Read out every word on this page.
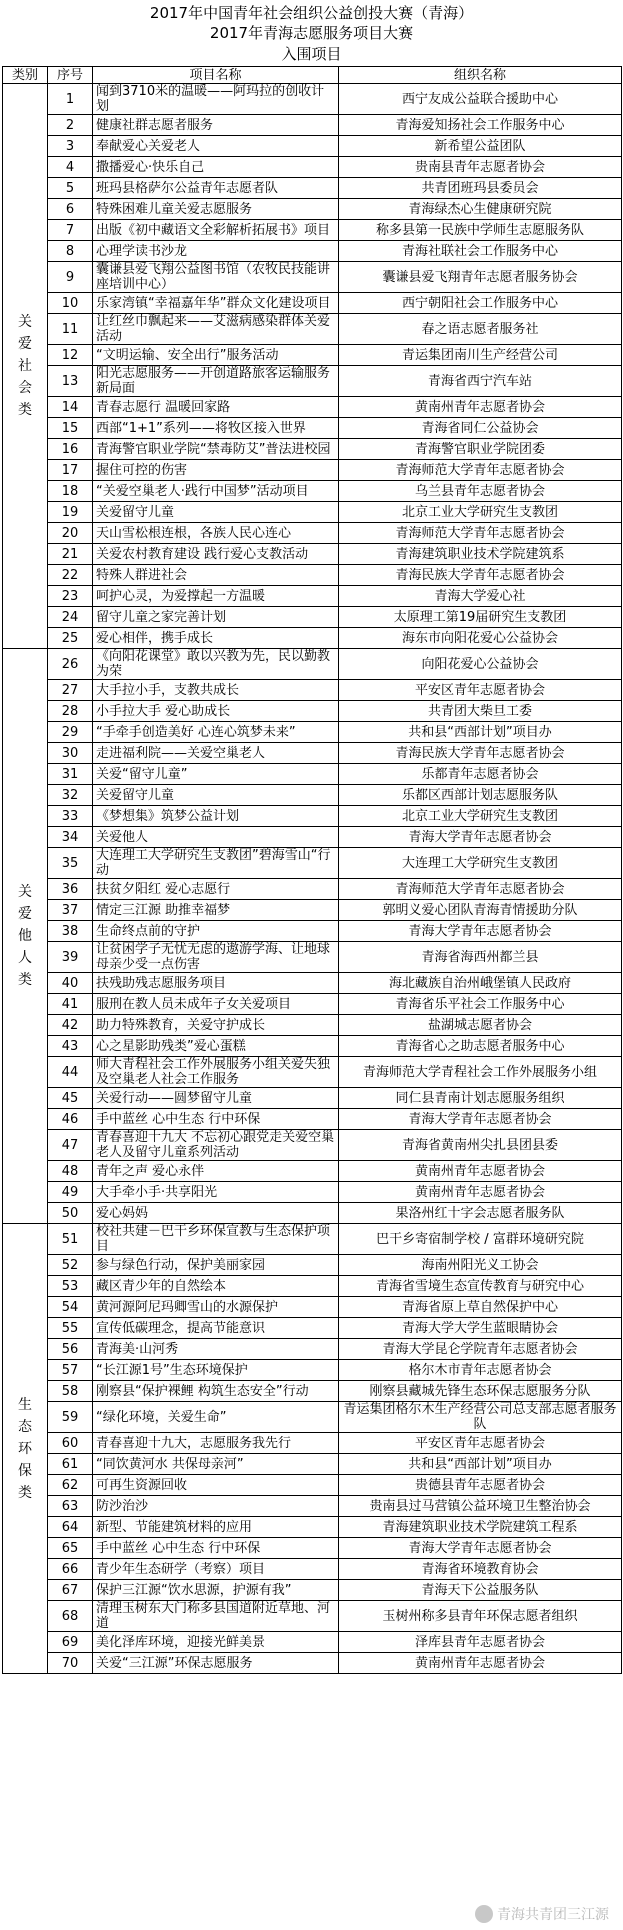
2017年中国青年社会组织公益创投大赛（青海）
2017年青海志愿服务项目大赛
入围项目
类别	序号	项目名称	组织名称
关爱社会类	1	闻到3710米的温暖——阿玛拉的创收计划	西宁友成公益联合援助中心
	2	健康社群志愿者服务	青海爱知扬社会工作服务中心
	3	奉献爱心关爱老人	新希望公益团队
	4	撒播爱心·快乐自己	贵南县青年志愿者协会
	5	班玛县格萨尔公益青年志愿者队	共青团班玛县委员会
	6	特殊困难儿童关爱志愿服务	青海绿杰心生健康研究院
	7	出版《初中藏语文全彩解析拓展书》项目	称多县第一民族中学师生志愿服务队
	8	心理学读书沙龙	青海社联社会工作服务中心
	9	囊谦县爱飞翔公益图书馆（农牧民技能讲座培训中心）	囊谦县爱飞翔青年志愿者服务协会
	10	乐家湾镇“幸福嘉年华”群众文化建设项目	西宁朝阳社会工作服务中心
	11	让红丝巾飘起来——艾滋病感染群体关爱活动	春之语志愿者服务社
	12	“文明运输、安全出行”服务活动	青运集团南川生产经营公司
	13	阳光志愿服务——开创道路旅客运输服务新局面	青海省西宁汽车站
	14	青春志愿行 温暖回家路	黄南州青年志愿者协会
	15	西部“1+1”系列——将牧区接入世界	青海省同仁公益协会
	16	青海警官职业学院“禁毒防艾”普法进校园	青海警官职业学院团委
	17	握住可控的伤害	青海师范大学青年志愿者协会
	18	“关爱空巢老人·践行中国梦”活动项目	乌兰县青年志愿者协会
	19	关爱留守儿童	北京工业大学研究生支教团
	20	天山雪松根连根，各族人民心连心	青海师范大学青年志愿者协会
	21	关爱农村教育建设 践行爱心支教活动	青海建筑职业技术学院建筑系
	22	特殊人群进社会	青海民族大学青年志愿者协会
	23	呵护心灵，为爱撑起一方温暖	青海大学爱心社
	24	留守儿童之家完善计划	太原理工第19届研究生支教团
	25	爱心相伴，携手成长	海东市向阳花爱心公益协会
关爱他人类	26	《向阳花课堂》敢以兴教为先，民以勤教为荣	向阳花爱心公益协会
	27	大手拉小手，支教共成长	平安区青年志愿者协会
	28	小手拉大手 爱心助成长	共青团大柴旦工委
	29	“手牵手创造美好 心连心筑梦未来”	共和县“西部计划”项目办
	30	走进福利院——关爱空巢老人	青海民族大学青年志愿者协会
	31	关爱“留守儿童”	乐都青年志愿者协会
	32	关爱留守儿童	乐都区西部计划志愿服务队
	33	《梦想集》筑梦公益计划	北京工业大学研究生支教团
	34	关爱他人	青海大学青年志愿者协会
	35	大连理工大学研究生支教团”碧海雪山“行动	大连理工大学研究生支教团
	36	扶贫夕阳红 爱心志愿行	青海师范大学青年志愿者协会
	37	情定三江源 助推幸福梦	郭明义爱心团队青海青情援助分队
	38	生命终点前的守护	青海大学青年志愿者协会
	39	让贫困学子无忧无虑的遨游学海、让地球母亲少受一点伤害	青海省海西州都兰县
	40	扶残助残志愿服务项目	海北藏族自治州峨堡镇人民政府
	41	服刑在教人员未成年子女关爱项目	青海省乐平社会工作服务中心
	42	助力特殊教育，关爱守护成长	盐湖城志愿者协会
	43	心之星影助残类”爱心蛋糕	青海省心之助志愿者服务中心
	44	师大青程社会工作外展服务小组关爱失独及空巢老人社会工作服务	青海师范大学青程社会工作外展服务小组
	45	关爱行动——圆梦留守儿童	同仁县青南计划志愿服务组织
	46	手中蓝丝 心中生态 行中环保	青海大学青年志愿者协会
	47	青春喜迎十九大 不忘初心跟党走关爱空巢老人及留守儿童系列活动	青海省黄南州尖扎县团县委
	48	青年之声 爱心永伴	黄南州青年志愿者协会
	49	大手牵小手·共享阳光	黄南州青年志愿者协会
	50	爱心妈妈	果洛州红十字会志愿者服务队
生态环保类	51	校社共建－巴干乡环保宣教与生态保护项目	巴干乡寄宿制学校 / 富群环境研究院
	52	参与绿色行动，保护美丽家园	海南州阳光义工协会
	53	藏区青少年的自然绘本	青海省雪境生态宣传教育与研究中心
	54	黄河源阿尼玛卿雪山的水源保护	青海省原上草自然保护中心
	55	宣传低碳理念，提高节能意识	青海大学大学生蓝眼睛协会
	56	青海美·山河秀	青海大学昆仑学院青年志愿者协会
	57	“长江源1号”生态环境保护	格尔木市青年志愿者协会
	58	刚察县“保护裸鲤 构筑生态安全”行动	刚察县藏城先锋生态环保志愿服务分队
	59	“绿化环境，关爱生命”	青运集团格尔木生产经营公司总支部志愿者服务队
	60	青春喜迎十九大，志愿服务我先行	平安区青年志愿者协会
	61	“同饮黄河水 共保母亲河”	共和县“西部计划”项目办
	62	可再生资源回收	贵德县青年志愿者协会
	63	防沙治沙	贵南县过马营镇公益环境卫生整治协会
	64	新型、节能建筑材料的应用	青海建筑职业技术学院建筑工程系
	65	手中蓝丝 心中生态 行中环保	青海大学青年志愿者协会
	66	青少年生态研学（考察）项目	青海省环境教育协会
	67	保护三江源“饮水思源，护源有我”	青海天下公益服务队
	68	清理玉树东大门称多县国道附近草地、河道	玉树州称多县青年环保志愿者组织
	69	美化泽库环境，迎接光鲜美景	泽库县青年志愿者协会
	70	关爱“三江源”环保志愿服务	黄南州青年志愿者协会
青海共青团三江源
